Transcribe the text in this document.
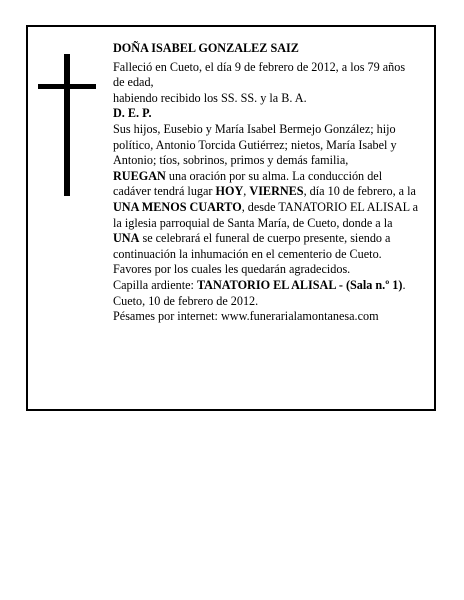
DOÑA ISABEL GONZALEZ SAIZ

Falleció en Cueto, el día 9 de febrero de 2012, a los 79 años de edad,

habiendo recibido los SS. SS. y la B. A.

D. E. P.

Sus hijos, Eusebio y María Isabel Bermejo González; hijo político, Antonio Torcida Gutiérrez; nietos, María Isabel y Antonio; tíos, sobrinos, primos y demás familia,

RUEGAN una oración por su alma. La conducción del cadáver tendrá lugar HOY, VIERNES, día 10 de febrero, a la UNA MENOS CUARTO, desde TANATORIO EL ALISAL a la iglesia parroquial de Santa María, de Cueto, donde a la UNA se celebrará el funeral de cuerpo presente, siendo a continuación la inhumación en el cementerio de Cueto. Favores por los cuales les quedarán agradecidos.

Capilla ardiente: TANATORIO EL ALISAL - (Sala n.º 1).

Cueto, 10 de febrero de 2012.

Pésames por internet: www.funerarialamontanesa.com
